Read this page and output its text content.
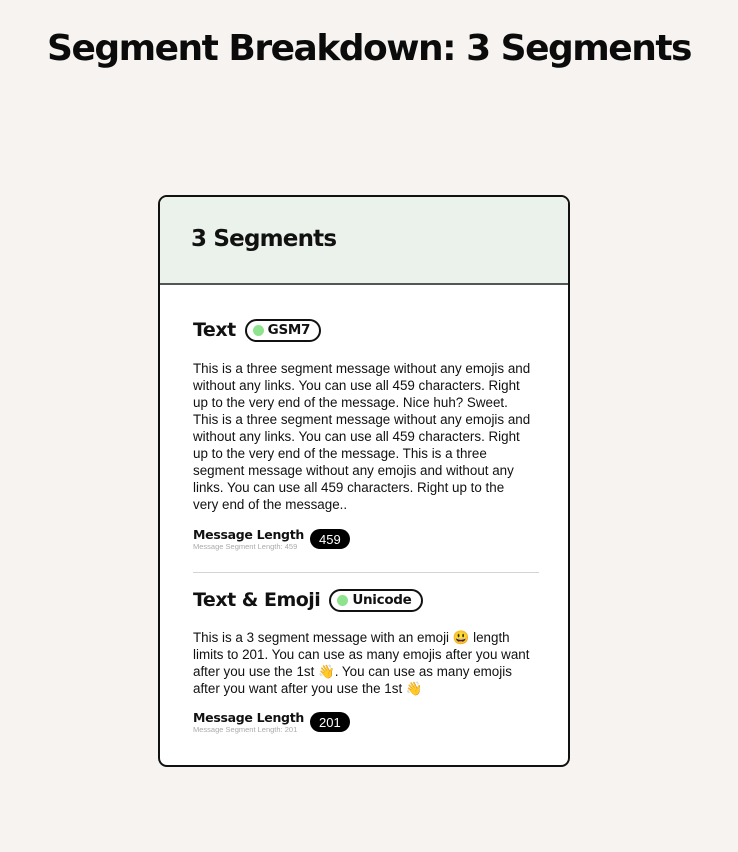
Segment Breakdown: 3 Segments
3 Segments
Text GSM7
This is a three segment message without any emojis and without any links. You can use all 459 characters. Right up to the very end of the message. Nice huh? Sweet. This is a three segment message without any emojis and without any links. You can use all 459 characters. Right up to the very end of the message. This is a three segment message without any emojis and without any links. You can use all 459 characters. Right up to the very end of the message..
Message Length
Message Segment Length: 459	459
Text & Emoji Unicode
This is a 3 segment message with an emoji 😃 length limits to 201. You can use as many emojis after you want after you use the 1st 👋. You can use as many emojis after you want after you use the 1st 👋
Message Length
Message Segment Length: 201	201
